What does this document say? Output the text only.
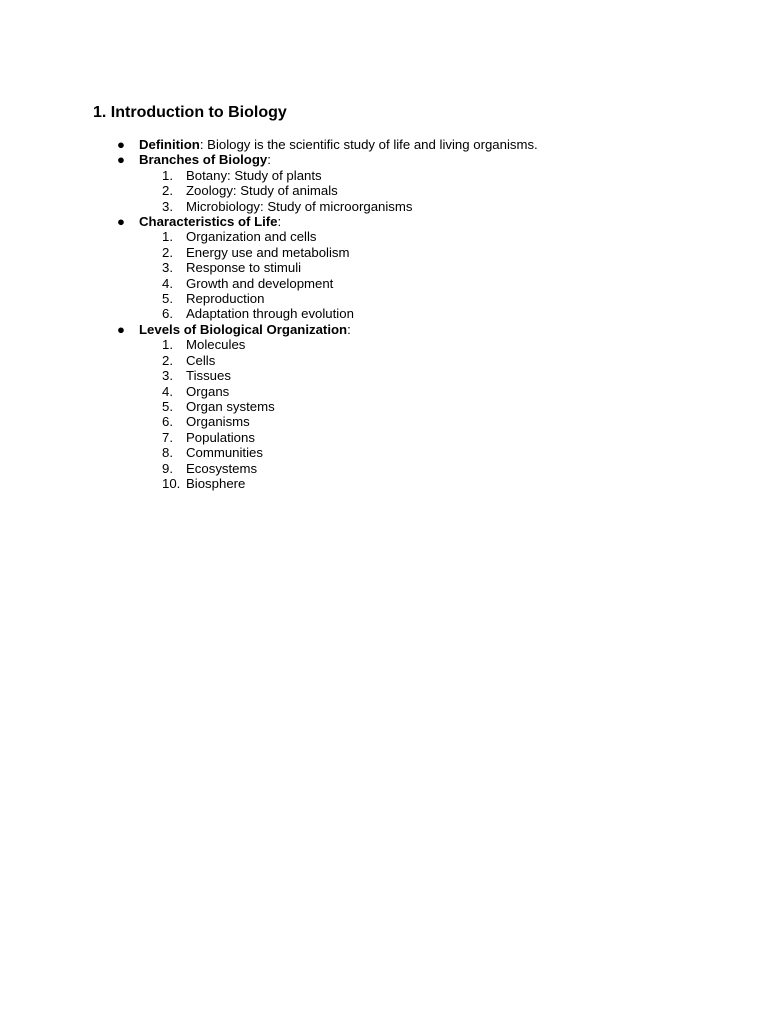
1. Introduction to Biology
● Definition: Biology is the scientific study of life and living organisms.
● Branches of Biology:
1. Botany: Study of plants
2. Zoology: Study of animals
3. Microbiology: Study of microorganisms
● Characteristics of Life:
1. Organization and cells
2. Energy use and metabolism
3. Response to stimuli
4. Growth and development
5. Reproduction
6. Adaptation through evolution
● Levels of Biological Organization:
1. Molecules
2. Cells
3. Tissues
4. Organs
5. Organ systems
6. Organisms
7. Populations
8. Communities
9. Ecosystems
10. Biosphere
